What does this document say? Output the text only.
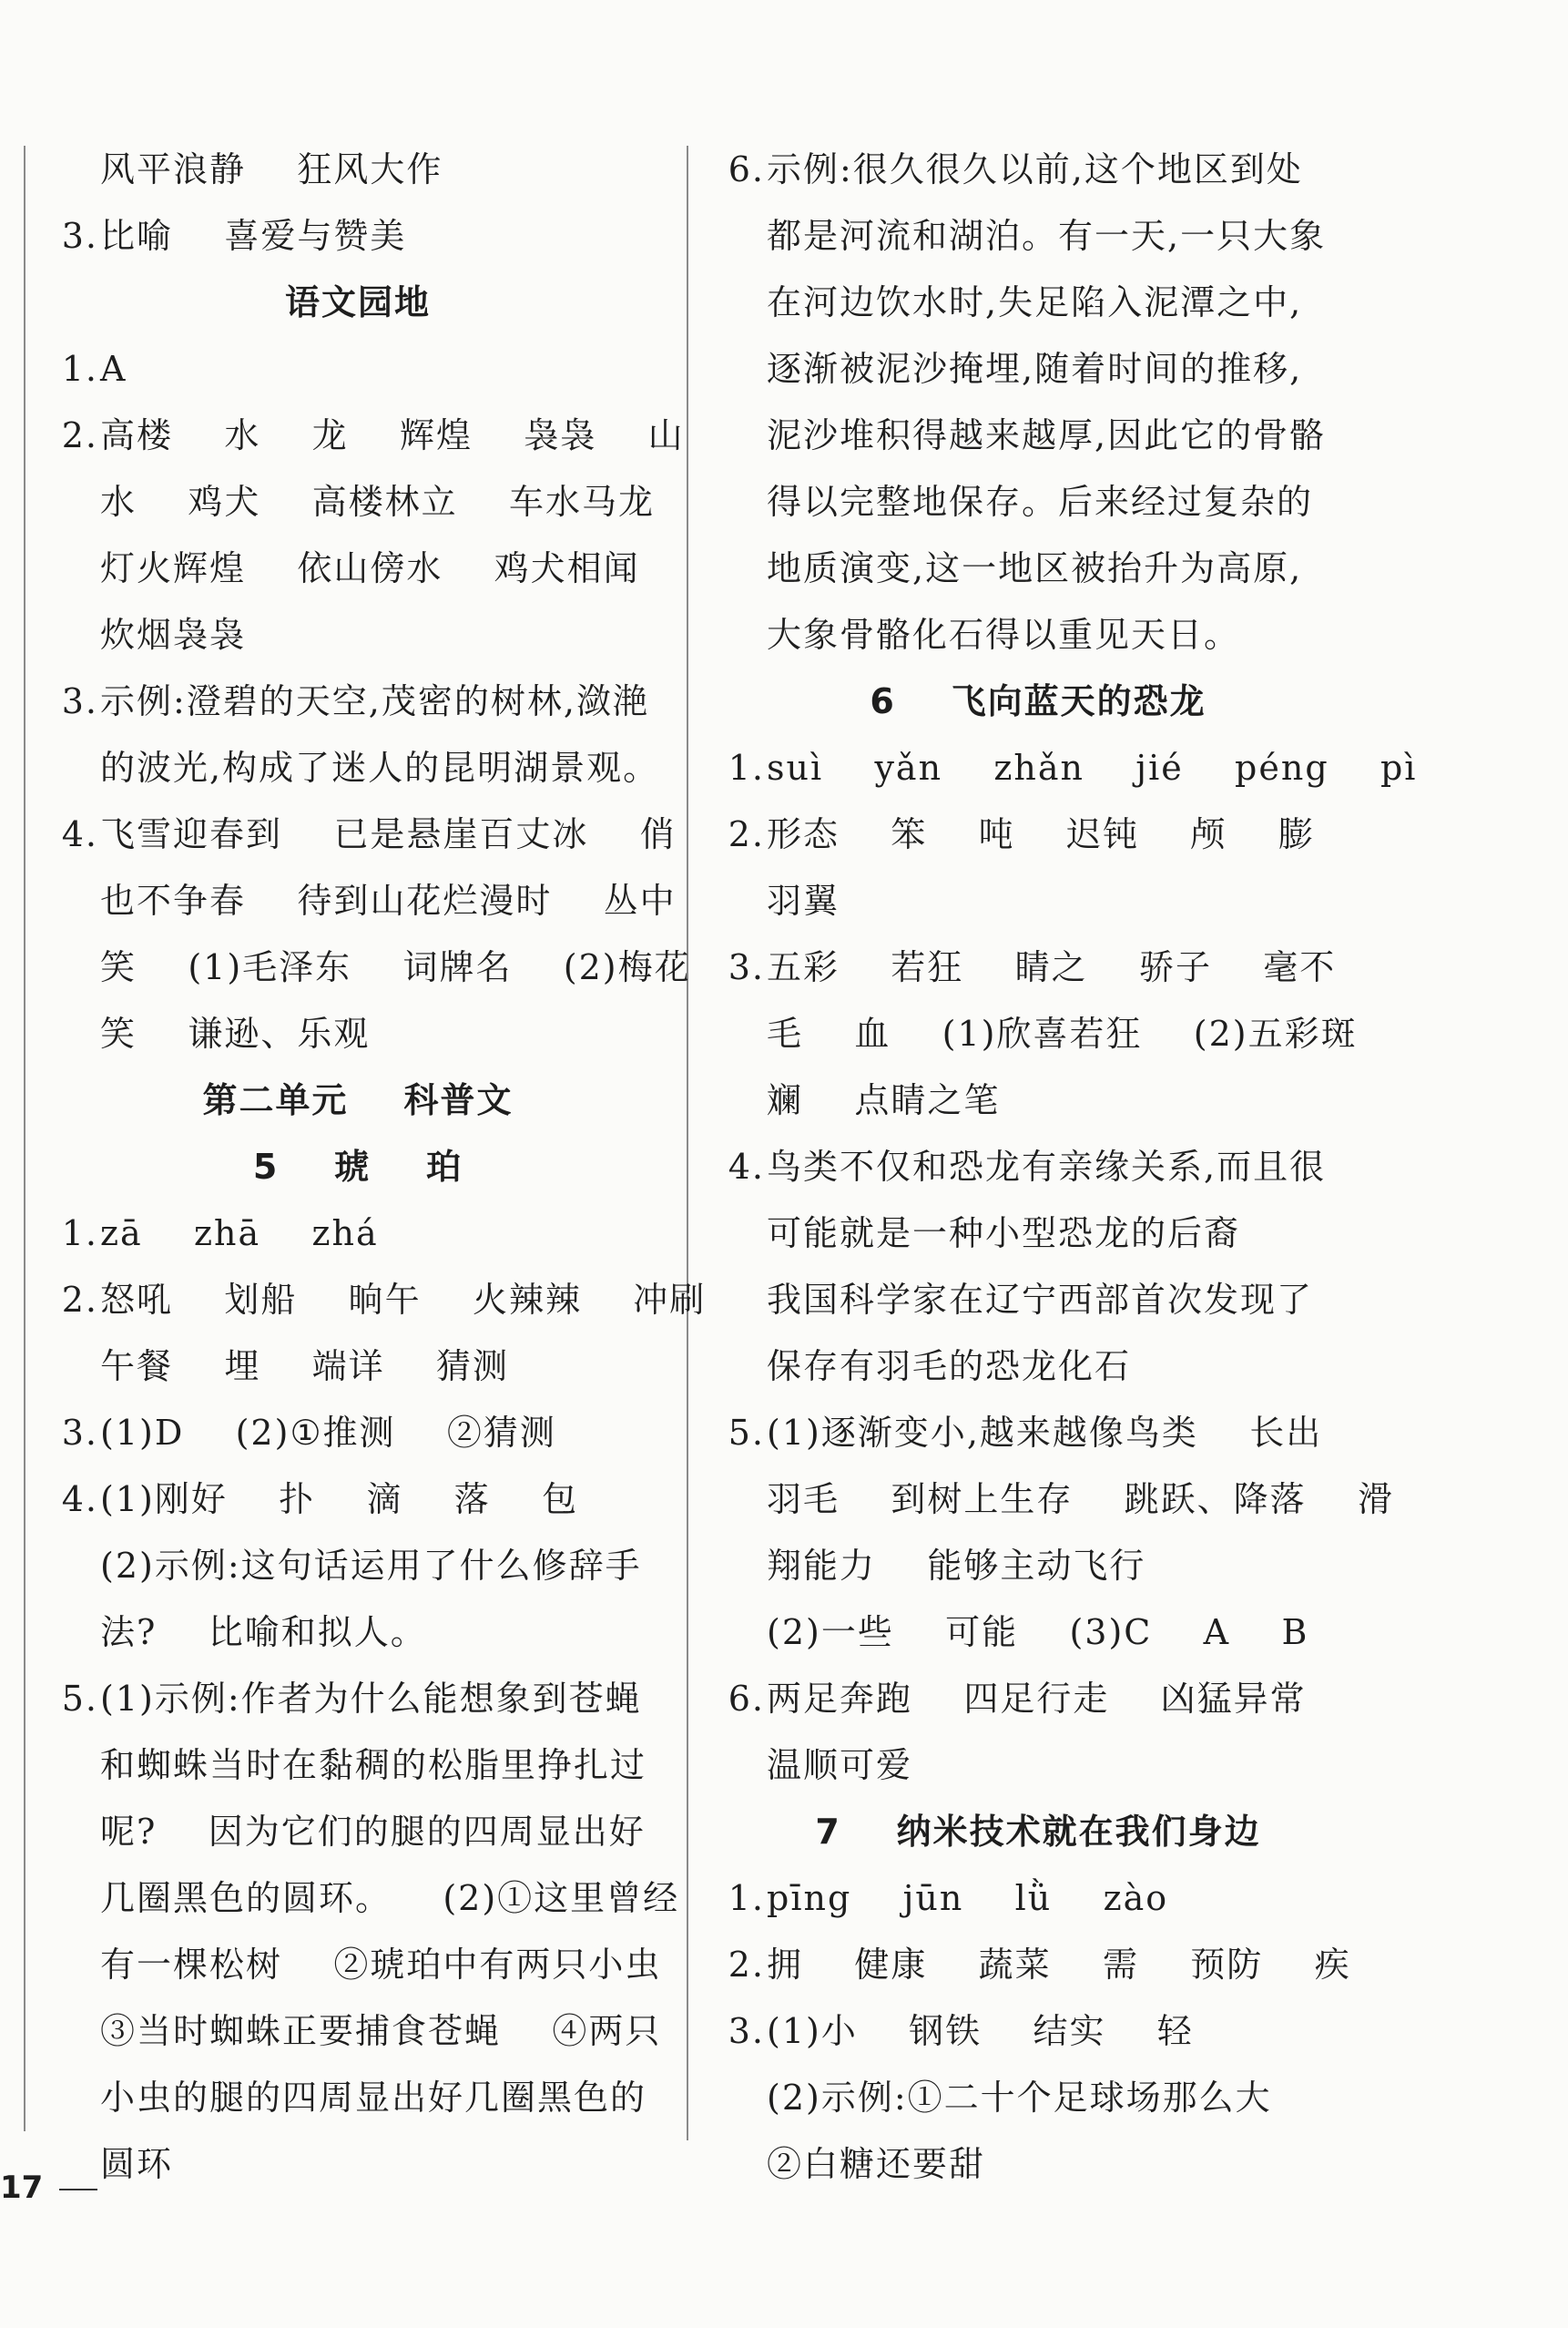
风平浪静    狂风大作
3.比喻    喜爱与赞美
语文园地
1.A
2.高楼    水    龙    辉煌    袅袅    山
水    鸡犬    高楼林立    车水马龙
灯火辉煌    依山傍水    鸡犬相闻
炊烟袅袅
3.示例:澄碧的天空,茂密的树林,潋滟
的波光,构成了迷人的昆明湖景观。
4.飞雪迎春到    已是悬崖百丈冰    俏
也不争春    待到山花烂漫时    丛中
笑    (1)毛泽东    词牌名    (2)梅花
笑    谦逊、乐观
第二单元    科普文
5    琥    珀
1.zā    zhā    zhá
2.怒吼    划船    晌午    火辣辣    冲刷
午餐    埋    端详    猜测
3.(1)D    (2)①推测    ②猜测
4.(1)刚好    扑    滴    落    包
(2)示例:这句话运用了什么修辞手
法?    比喻和拟人。
5.(1)示例:作者为什么能想象到苍蝇
和蜘蛛当时在黏稠的松脂里挣扎过
呢?    因为它们的腿的四周显出好
几圈黑色的圆环。    (2)①这里曾经
有一棵松树    ②琥珀中有两只小虫
③当时蜘蛛正要捕食苍蝇    ④两只
小虫的腿的四周显出好几圈黑色的
圆环
6.示例:很久很久以前,这个地区到处
都是河流和湖泊。有一天,一只大象
在河边饮水时,失足陷入泥潭之中,
逐渐被泥沙掩埋,随着时间的推移,
泥沙堆积得越来越厚,因此它的骨骼
得以完整地保存。后来经过复杂的
地质演变,这一地区被抬升为高原,
大象骨骼化石得以重见天日。
6    飞向蓝天的恐龙
1.suì    yǎn    zhǎn    jié    péng    pì
2.形态    笨    吨    迟钝    颅    膨
羽翼
3.五彩    若狂    睛之    骄子    毫不
毛    血    (1)欣喜若狂    (2)五彩斑
斓    点睛之笔
4.鸟类不仅和恐龙有亲缘关系,而且很
可能就是一种小型恐龙的后裔
我国科学家在辽宁西部首次发现了
保存有羽毛的恐龙化石
5.(1)逐渐变小,越来越像鸟类    长出
羽毛    到树上生存    跳跃、降落    滑
翔能力    能够主动飞行
(2)一些    可能    (3)C    A    B
6.两足奔跑    四足行走    凶猛异常
温顺可爱
7    纳米技术就在我们身边
1.pīng    jūn    lǜ    zào
2.拥    健康    蔬菜    需    预防    疾
3.(1)小    钢铁    结实    轻
(2)示例:①二十个足球场那么大
②白糖还要甜
17
